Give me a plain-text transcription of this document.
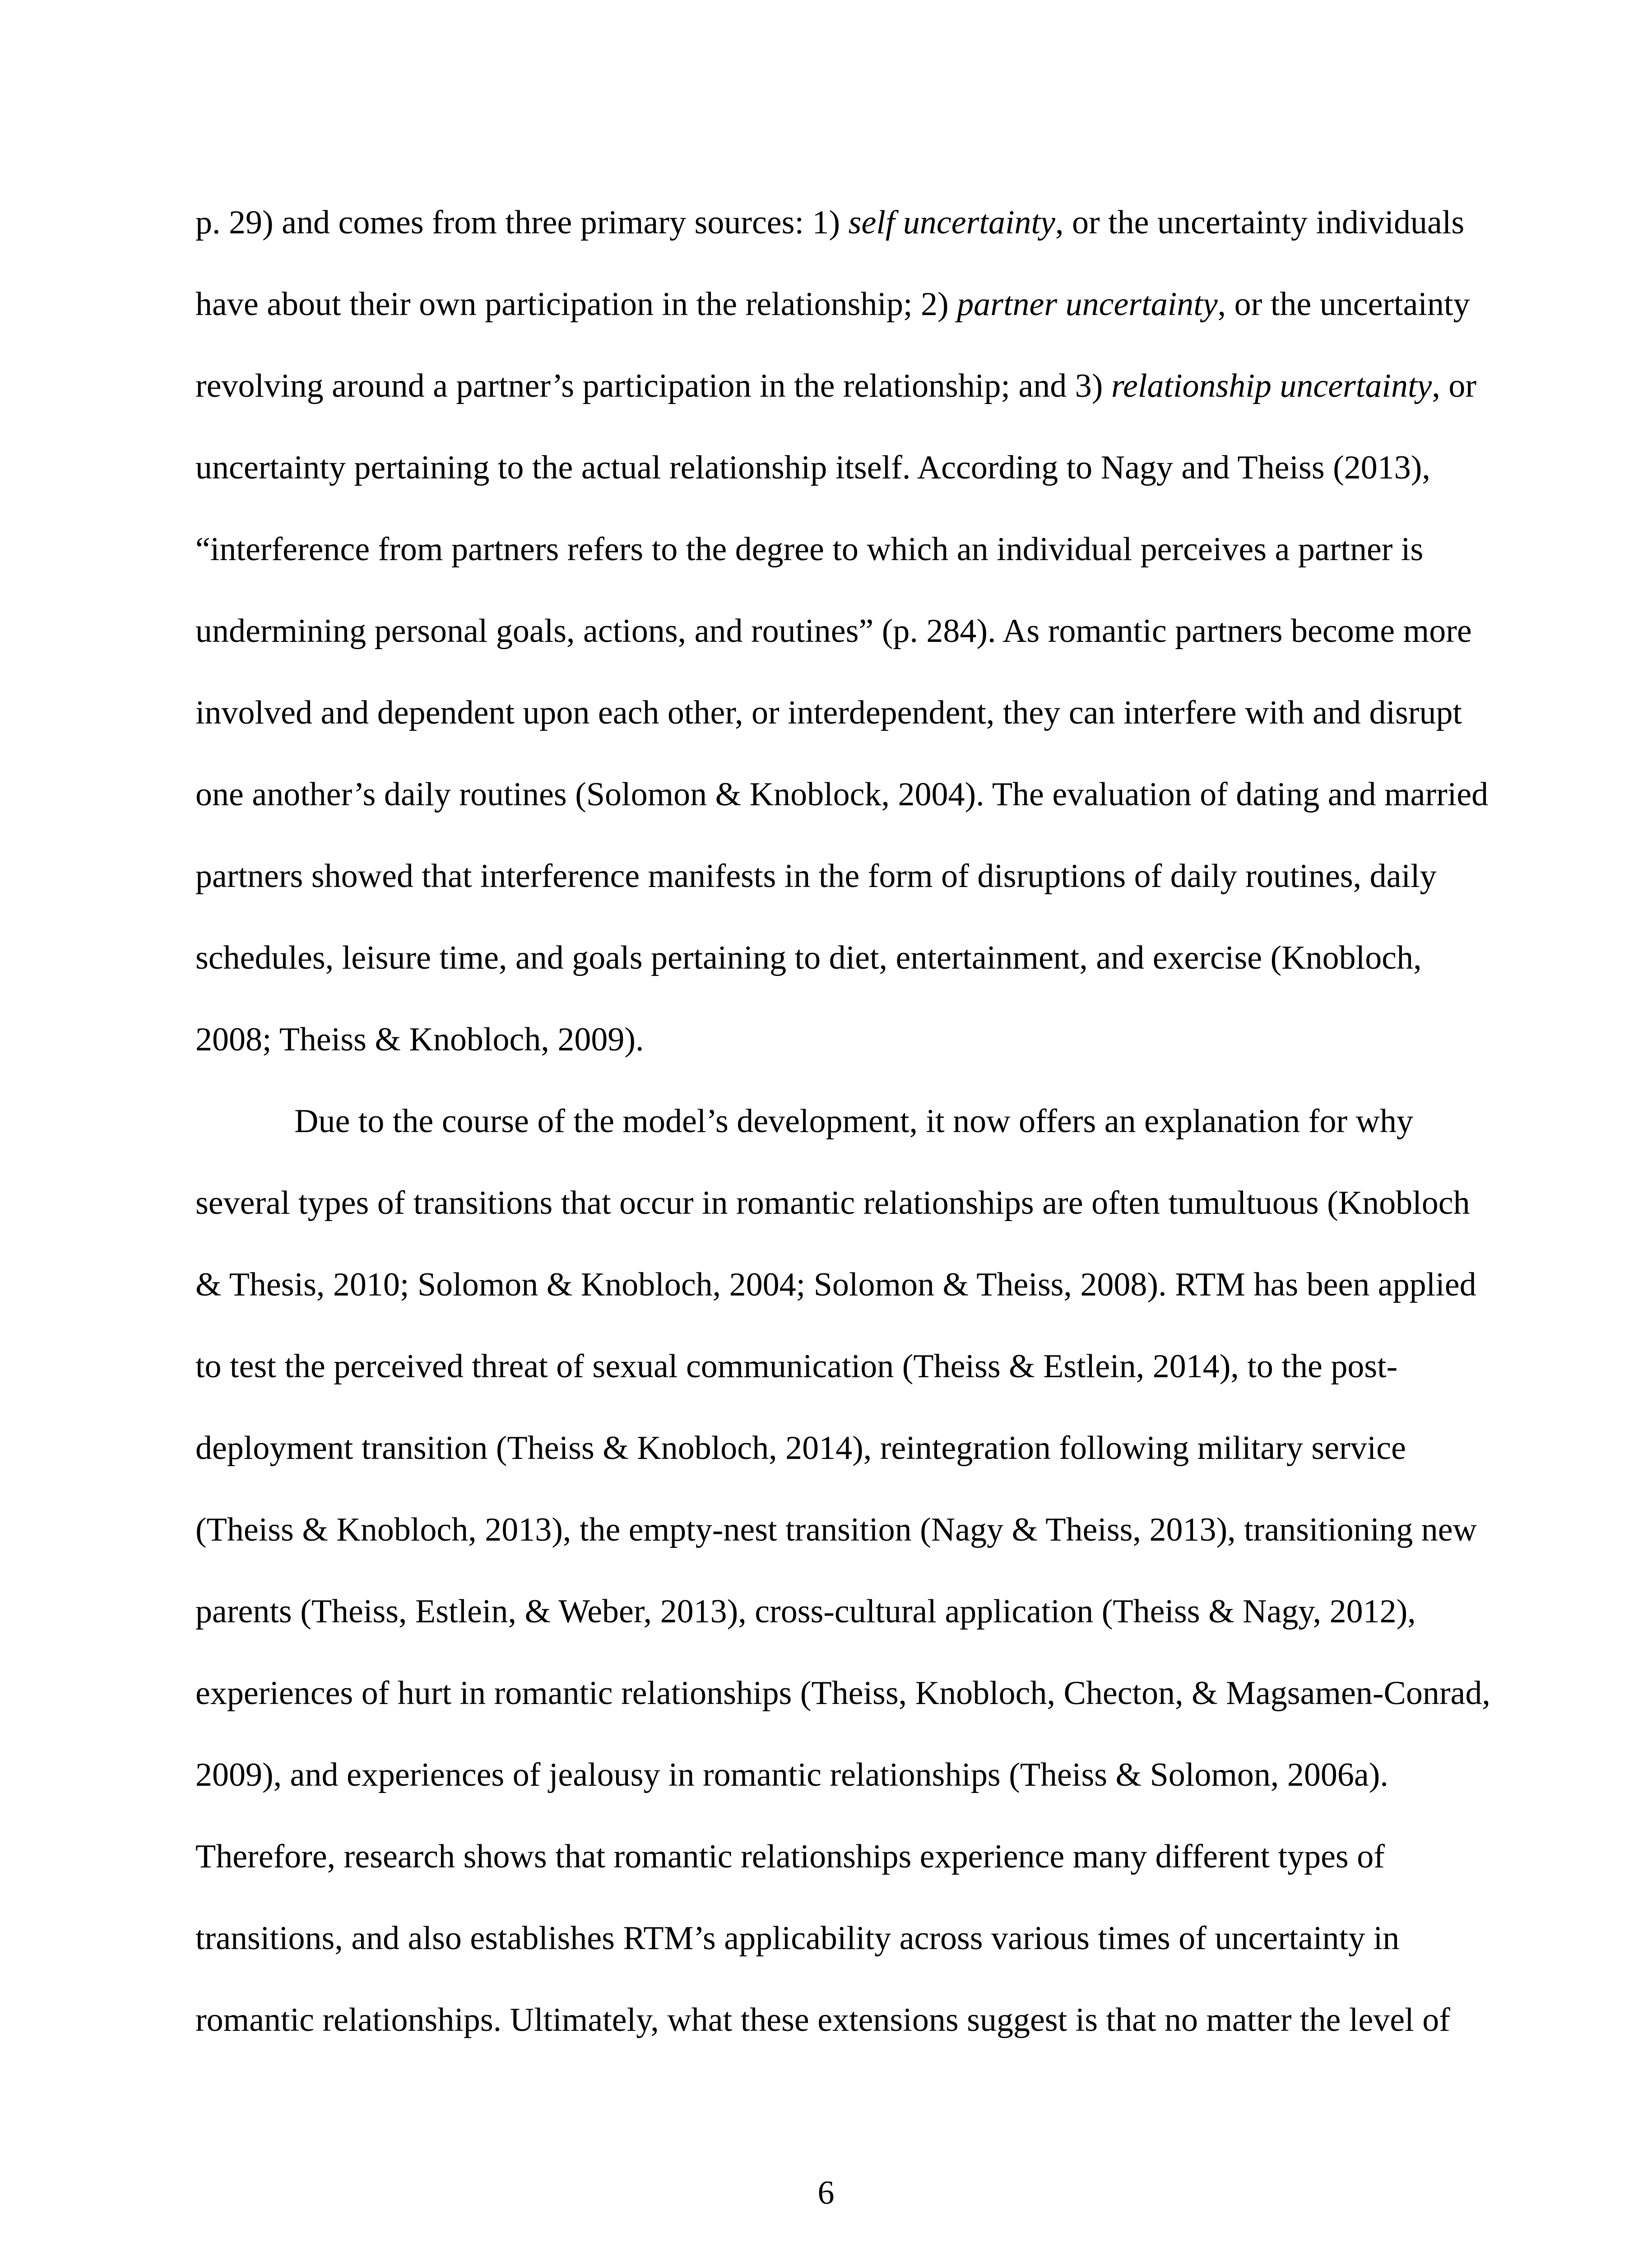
p. 29) and comes from three primary sources: 1) self uncertainty, or the uncertainty individuals
have about their own participation in the relationship; 2) partner uncertainty, or the uncertainty
revolving around a partner’s participation in the relationship; and 3) relationship uncertainty, or
uncertainty pertaining to the actual relationship itself. According to Nagy and Theiss (2013),
“interference from partners refers to the degree to which an individual perceives a partner is
undermining personal goals, actions, and routines” (p. 284). As romantic partners become more
involved and dependent upon each other, or interdependent, they can interfere with and disrupt
one another’s daily routines (Solomon & Knoblock, 2004). The evaluation of dating and married
partners showed that interference manifests in the form of disruptions of daily routines, daily
schedules, leisure time, and goals pertaining to diet, entertainment, and exercise (Knobloch,
2008; Theiss & Knobloch, 2009).
Due to the course of the model’s development, it now offers an explanation for why
several types of transitions that occur in romantic relationships are often tumultuous (Knobloch
& Thesis, 2010; Solomon & Knobloch, 2004; Solomon & Theiss, 2008). RTM has been applied
to test the perceived threat of sexual communication (Theiss & Estlein, 2014), to the post-
deployment transition (Theiss & Knobloch, 2014), reintegration following military service
(Theiss & Knobloch, 2013), the empty-nest transition (Nagy & Theiss, 2013), transitioning new
parents (Theiss, Estlein, & Weber, 2013), cross-cultural application (Theiss & Nagy, 2012),
experiences of hurt in romantic relationships (Theiss, Knobloch, Checton, & Magsamen-Conrad,
2009), and experiences of jealousy in romantic relationships (Theiss & Solomon, 2006a).
Therefore, research shows that romantic relationships experience many different types of
transitions, and also establishes RTM’s applicability across various times of uncertainty in
romantic relationships. Ultimately, what these extensions suggest is that no matter the level of
6
